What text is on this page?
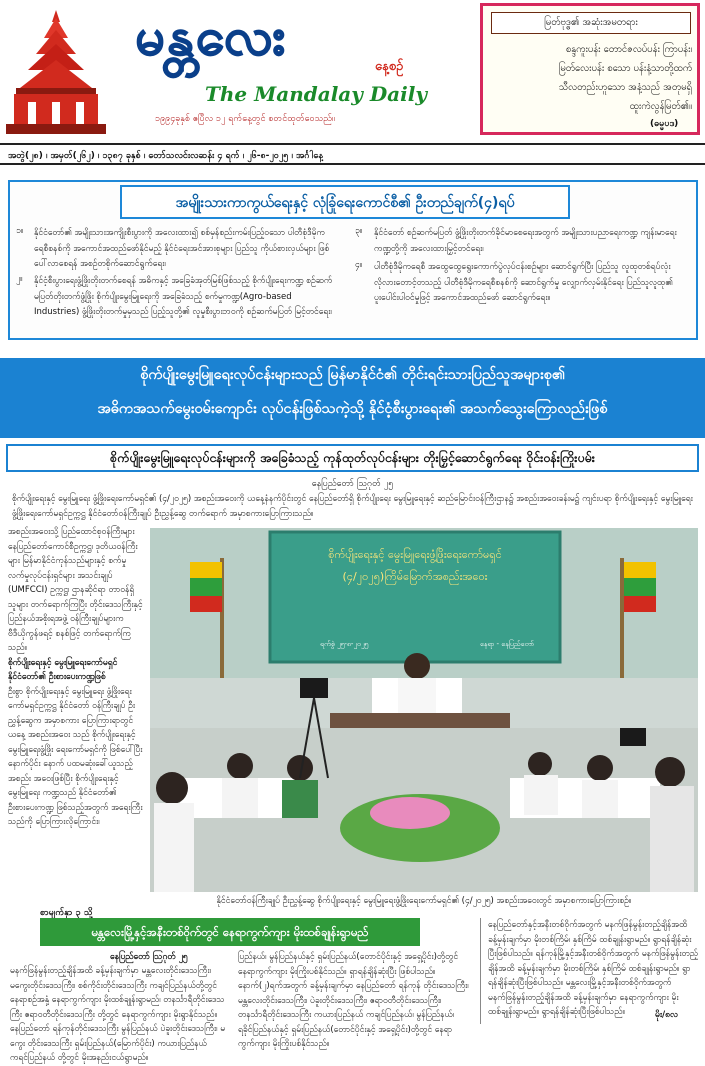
မန္တလေး	နေ့စဉ်
The Mandalay Daily
၁၉၉၄ခုနှစ် ဧပြီလ ၁၂ ရက်နေ့တွင် စတင်ထုတ်ဝေသည်။
မြတ်ဗုဒ္ဓ၏ အဆုံးအမတရား
စန္ဒကူးပန်း တောင်ဇလပ်ပန်း ကြာပန်း၊
မြတ်လေးပန်း စသော ပန်းနံ့သာတို့ထက်
သီလတည်းဟူသော အနံ့သည် အတုမရှိ
ထူးကဲလွန်မြတ်၏။
(ဓမ္မပဒ)
အတွဲ(၂၈) ၊ အမှတ်(၂၆၂) ၊ ၁၃၈၇ ခုနှစ် ၊ တော်သလင်းလဆန်း ၄ ရက် ၊ ၂၆-၈-၂၀၂၅ ၊ အင်္ဂါနေ့
အမျိုးသားကာကွယ်ရေးနှင့် လုံခြုံရေးကောင်စီ၏ ဦးတည်ချက်(၄)ရပ်
၁။ နိုင်ငံတော်၏ အမျိုးသားအကျိုးစီးပွားကို အလေးထား၍ စစ်မှန်စည်းကမ်းပြည့်ဝသော ပါတီစုံဒီမိုကရေစီစနစ်ကို အကောင်အထည်ဖော်နိုင်မည့် နိုင်ငံရေးအင်အားစုများ ပြည်သူ ကိုယ်စားလှယ်များ ဖြစ်ပေါ်လာစေရန် အစဉ်တစိုက်ဆောင်ရွက်ရေး၊
၂။ နိုင်ငံ့စီးပွားရေးဖွံ့ဖြိုးတိုးတက်စေရန် အဓိကနှင့် အခြေခံအုတ်မြစ်ဖြစ်သည့် စိုက်ပျိုးရေးကဏ္ဍ စဉ်ဆက်မပြတ်တိုးတက်ဖွံ့ဖြိုး စိုက်ပျိုးမွေးမြူရေးကို အခြေခံသည့် စက်မှုကဏ္ဍ(Agro-based Industries) ဖွံ့ဖြိုးတိုးတက်မှုမှသည် ပြည့်သူတို့၏ လူမှုစီးပွားဘဝကို စဉ်ဆက်မပြတ် မြင့်တင်ရေး၊
၃။ နိုင်ငံတော် စဉ်ဆက်မပြတ် ဖွံ့ဖြိုးတိုးတက်ခိုင်မာစေရေးအတွက် အမျိုးသားပညာရေးကဏ္ဍ ကျန်းမာရေးကဏ္ဍတို့ကို အလေးထားမြှင့်တင်ရေး၊
၄။ ပါတီစုံဒီမိုကရေစီ အထွေထွေရွေးကောက်ပွဲလုပ်ငန်းစဉ်များ ဆောင်ရွက်ပြီး ပြည်သူ လူထုတစ်ရပ်လုံး လိုလားတောင့်တသည့် ပါတီစုံဒီမိုကရေစီစနစ်ကို ဆောင်ရွက်မှု လျှောက်လှမ်းနိုင်ရေး ပြည်သူလူထု၏ ပူးပေါင်းပါဝင်မှုဖြင့် အကောင်အထည်ဖော် ဆောင်ရွက်ရေး။
စိုက်ပျိုးမွေးမြူရေးလုပ်ငန်းများသည် မြန်မာနိုင်ငံ၏ တိုင်းရင်းသားပြည်သူအများစု၏
အဓိကအသက်မွေးဝမ်းကျောင်း လုပ်ငန်းဖြစ်သကဲ့သို့ နိုင်ငံ့စီးပွားရေး၏ အသက်သွေးကြောလည်းဖြစ်
စိုက်ပျိုးမွေးမြူရေးလုပ်ငန်းများကို အခြေခံသည့် ကုန်ထုတ်လုပ်ငန်းများ တိုးမြှင့်ဆောင်ရွက်ရေး ဝိုင်းဝန်းကြိုးပမ်း
နေပြည်တော် ဩဂုတ် ၂၅
စိုက်ပျိုးရေးနှင့် မွေးမြူရေး ဖွံ့ဖြိုးရေးကော်မရှင်၏ (၄/၂၀၂၅) အစည်းအဝေးကို ယနေ့နံနက်ပိုင်းတွင် နေပြည်တော်ရှိ စိုက်ပျိုးရေး မွေးမြူရေးနှင့် ဆည်မြောင်းဝန်ကြီးဌာန၌ အစည်းအဝေးခန်းမ၌ ကျင်းပရာ စိုက်ပျိုးရေးနှင့် မွေးမြူရေးဖွံ့ဖြိုးရေးကော်မရှင်ဥက္ကဋ္ဌ နိုင်ငံတော်ဝန်ကြီးချုပ် ဦးညွှန့်ဆွေ တက်ရောက် အမှာစကားပြောကြားသည်။
အစည်းအဝေးသို့ ပြည်ထောင်စုဝန်ကြီးများ နေပြည်တော်ကောင်စီဥက္ကဋ္ဌ၊ ဒုတိယဝန်ကြီးများ မြန်မာနိုင်ငံကုန်သည်များနှင့် စက်မှုလက်မှုလုပ်ငန်းရှင်များ အသင်းချုပ် (UMFCCI) ဥက္ကဋ္ဌ၊ ဌာနဆိုင်ရာ တာဝန်ရှိသူများ တက်ရောက်ကြပြီး တိုင်းဒေသကြီးနှင့် ပြည်နယ်အစိုးရအဖွဲ့ ဝန်ကြီးချုပ်များက ဗီဒီယိုကွန်ဖရင့် စနစ်ဖြင့် တက်ရောက်ကြသည်။
စိုက်ပျိုးရေးနှင့် မွေးမြူရေးကော်မရှင် နိုင်ငံတော်၏ ဦးစားပေးကဏ္ဍဖြစ်
ဦးစွာ စိုက်ပျိုးရေးနှင့် မွေးမြူရေး ဖွံ့ဖြိုးရေးကော်မရှင်ဥက္ကဋ္ဌ နိုင်ငံတော် ဝန်ကြီးချုပ် ဦးညွှန့်ဆွေက အမှာစကား ပြောကြားရာတွင် ယနေ့ အစည်းအဝေး သည် စိုက်ပျိုးရေးနှင့် မွေးမြူရေးဖွံ့ဖြိုး ရေးကော်မရှင်ကို ဖြစ်ပေါ်ပြီးနောက်ပိုင်း နောက် ပထမဆုံးခေါ်ယူသည့် အစည်း အဝေးဖြစ်ပြီး စိုက်ပျိုးရေးနှင့် မွေးမြူရေး ကဏ္ဍသည် နိုင်ငံတော်၏ ဦးစားပေးကဏ္ဍ ဖြစ်သည့်အတွက် အရေးကြီးသည်ကို ပြောကြားလိုကြောင်း၊
စာမျက်နှာ ၃ သို့
စိုက်ပျိုးရေးနှင့် မွေးမြူရေးဖွံ့ဖြိုးရေးကော်မရှင်
(၄/၂၀၂၅)ကြိမ်မြောက်အစည်းအဝေး
ရက်စွဲ ၂၅-၈-၂၀၂၅	နေရာ - နေပြည်တော်
နိုင်ငံတော်ဝန်ကြီးချုပ် ဦးညွှန့်ဆွေ စိုက်ပျိုးရေးနှင့် မွေးမြူရေးဖွံ့ဖြိုးရေးကော်မရှင်၏ (၄/၂၀၂၅) အစည်းအဝေးတွင် အမှာစကားပြောကြားစဉ်။
မန္တလေးမြို့နှင့်အနီးတစ်ဝိုက်တွင် နေရာကွက်ကျား မိုးထစ်ချုန်းရွာမည်
နေပြည်တော် ဩဂုတ် ၂၅
မနက်ဖြန်မွန်းတည့်ချိန်အထိ ခန့်မှန်းချက်မှာ မန္တလေးတိုင်းဒေသကြီး၊ မကွေးတိုင်းဒေသကြီး၊ စစ်ကိုင်းတိုင်းဒေသကြီး ကချင်ပြည်နယ်တို့တွင် နေရာစဉ်အနှံ့ နေရာကွက်ကျား မိုးထစ်ချုန်းရွာမည်၊ တနင်္သာရီတိုင်းဒေသကြီး ဧရာဝတီတိုင်းဒေသကြီး တို့တွင် နေရာကွက်ကျား မိုးရွာနိုင်သည်။ နေပြည်တော် ရန်ကုန်တိုင်းဒေသကြီး မွန်ပြည်နယ် ပဲခူးတိုင်းဒေသကြီး၊ မကွေး တိုင်းဒေသကြီး ရှမ်းပြည်နယ်(မြောက်ပိုင်း) ကယားပြည်နယ် ကရင်ပြည်နယ် တို့တွင် မိုးအနည်းငယ်ရွာမည်။
ပြည်နယ်၊ မွန်ပြည်နယ်နှင့် ရှမ်းပြည်နယ်(တောင်ပိုင်းနှင့် အရှေ့ပိုင်း)တို့တွင် နေရာကွက်ကျား မိုးကြိုးပစ်နိုင်သည်။ ရှာရန်ချိန်ဆုံးပြီး ဖြစ်ပါသည်။ နောက်(၂)ရက်အတွက် ခန့်မှန်းချက်မှာ နေပြည်တော် ရန်ကုန် တိုင်းဒေသကြီး၊ မန္တလေးတိုင်းဒေသကြီး၊ ပဲခူးတိုင်းဒေသကြီး၊ ဧရာဝတီတိုင်းဒေသကြီး၊ တနင်္သာရီတိုင်းဒေသကြီး ကယားပြည်နယ် ကချင်ပြည်နယ်၊ မွန်ပြည်နယ်၊ ရခိုင်ပြည်နယ်နှင့် ရှမ်းပြည်နယ်(တောင်ပိုင်းနှင့် အရှေ့ပိုင်း)တို့တွင် နေရာကွက်ကျား မိုးကြိုးပစ်နိုင်သည်။
နေပြည်တော်နှင့်အနီးတစ်ဝိုက်အတွက် မနက်ဖြန်မွန်းတည့်ချိန်အထိ ခန့်မှန်းချက်မှာ မိုးတစ်ကြိမ်၊ နှစ်ကြိမ် ထစ်ချုန်းရွာမည်။ ရွာရန်ချိန်ဆုံးပြီးဖြစ်ပါသည်။ ရန်ကုန်မြို့နှင့်အနီးတစ်ဝိုက်အတွက် မနက်ဖြန်မွန်းတည့်ချိန်အထိ ခန့်မှန်းချက်မှာ မိုးတစ်ကြိမ်၊ နှစ်ကြိမ် ထစ်ချုန်းရွာမည်။ ရွာရန်ချိန်ဆုံးပြီးဖြစ်ပါသည်။ မန္တလေးမြို့နှင့်အနီးတစ်ဝိုက်အတွက် မနက်ဖြန်မွန်းတည့်ချိန်အထိ ခန့်မှန်းချက်မှာ နေရာကွက်ကျား မိုးထစ်ချုန်းရွာမည်။ ရွာရန်ချိန်ဆုံးပြီးဖြစ်ပါသည်။	မိုး/၈လ
